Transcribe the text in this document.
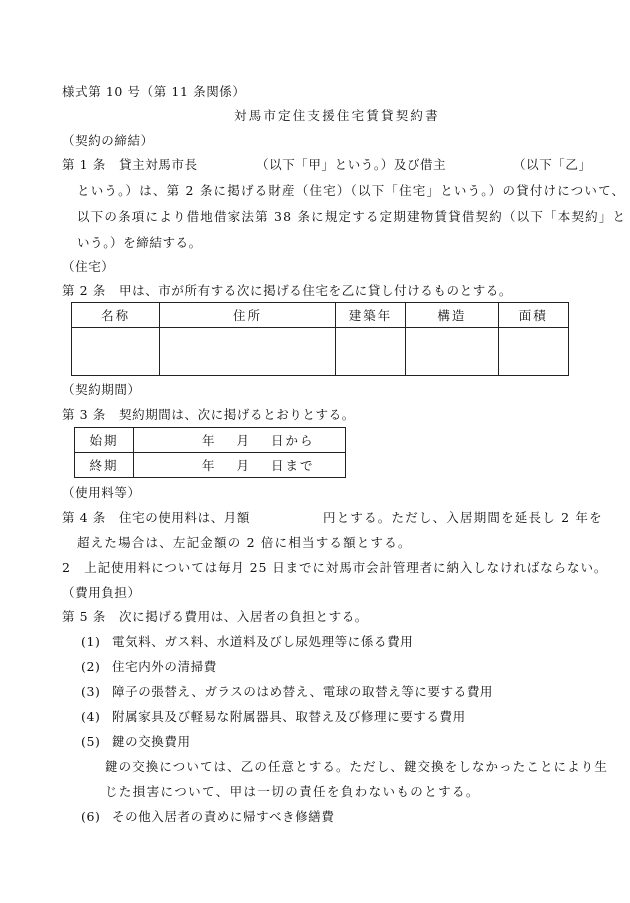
様式第 10 号（第 11 条関係）
対馬市定住支援住宅賃貸契約書
（契約の締結）
第 1 条　貸主対馬市長	（以下「甲」という。）及び借主	（以下「乙」
という。）は、第 2 条に掲げる財産（住宅）（以下「住宅」という。）の貸付けについて、
以下の条項により借地借家法第 38 条に規定する定期建物賃貸借契約（以下「本契約」と
いう。）を締結する。
（住宅）
第 2 条　甲は、市が所有する次に掲げる住宅を乙に貸し付けるものとする。
名称	住所	建築年	構造	面積

（契約期間）
第 3 条　契約期間は、次に掲げるとおりとする。
始期	年 月 日から
終期	年 月 日まで
（使用料等）
第 4 条　住宅の使用料は、月額	円とする。ただし、入居期間を延長し 2 年を
超えた場合は、左記金額の 2 倍に相当する額とする。
2　上記使用料については毎月 25 日までに対馬市会計管理者に納入しなければならない。
（費用負担）
第 5 条　次に掲げる費用は、入居者の負担とする。
(1) 電気料、ガス料、水道料及びし尿処理等に係る費用
(2) 住宅内外の清掃費
(3) 障子の張替え、ガラスのはめ替え、電球の取替え等に要する費用
(4) 附属家具及び軽易な附属器具、取替え及び修理に要する費用
(5) 鍵の交換費用
鍵の交換については、乙の任意とする。ただし、鍵交換をしなかったことにより生
じた損害について、甲は一切の責任を負わないものとする。
(6) その他入居者の責めに帰すべき修繕費
